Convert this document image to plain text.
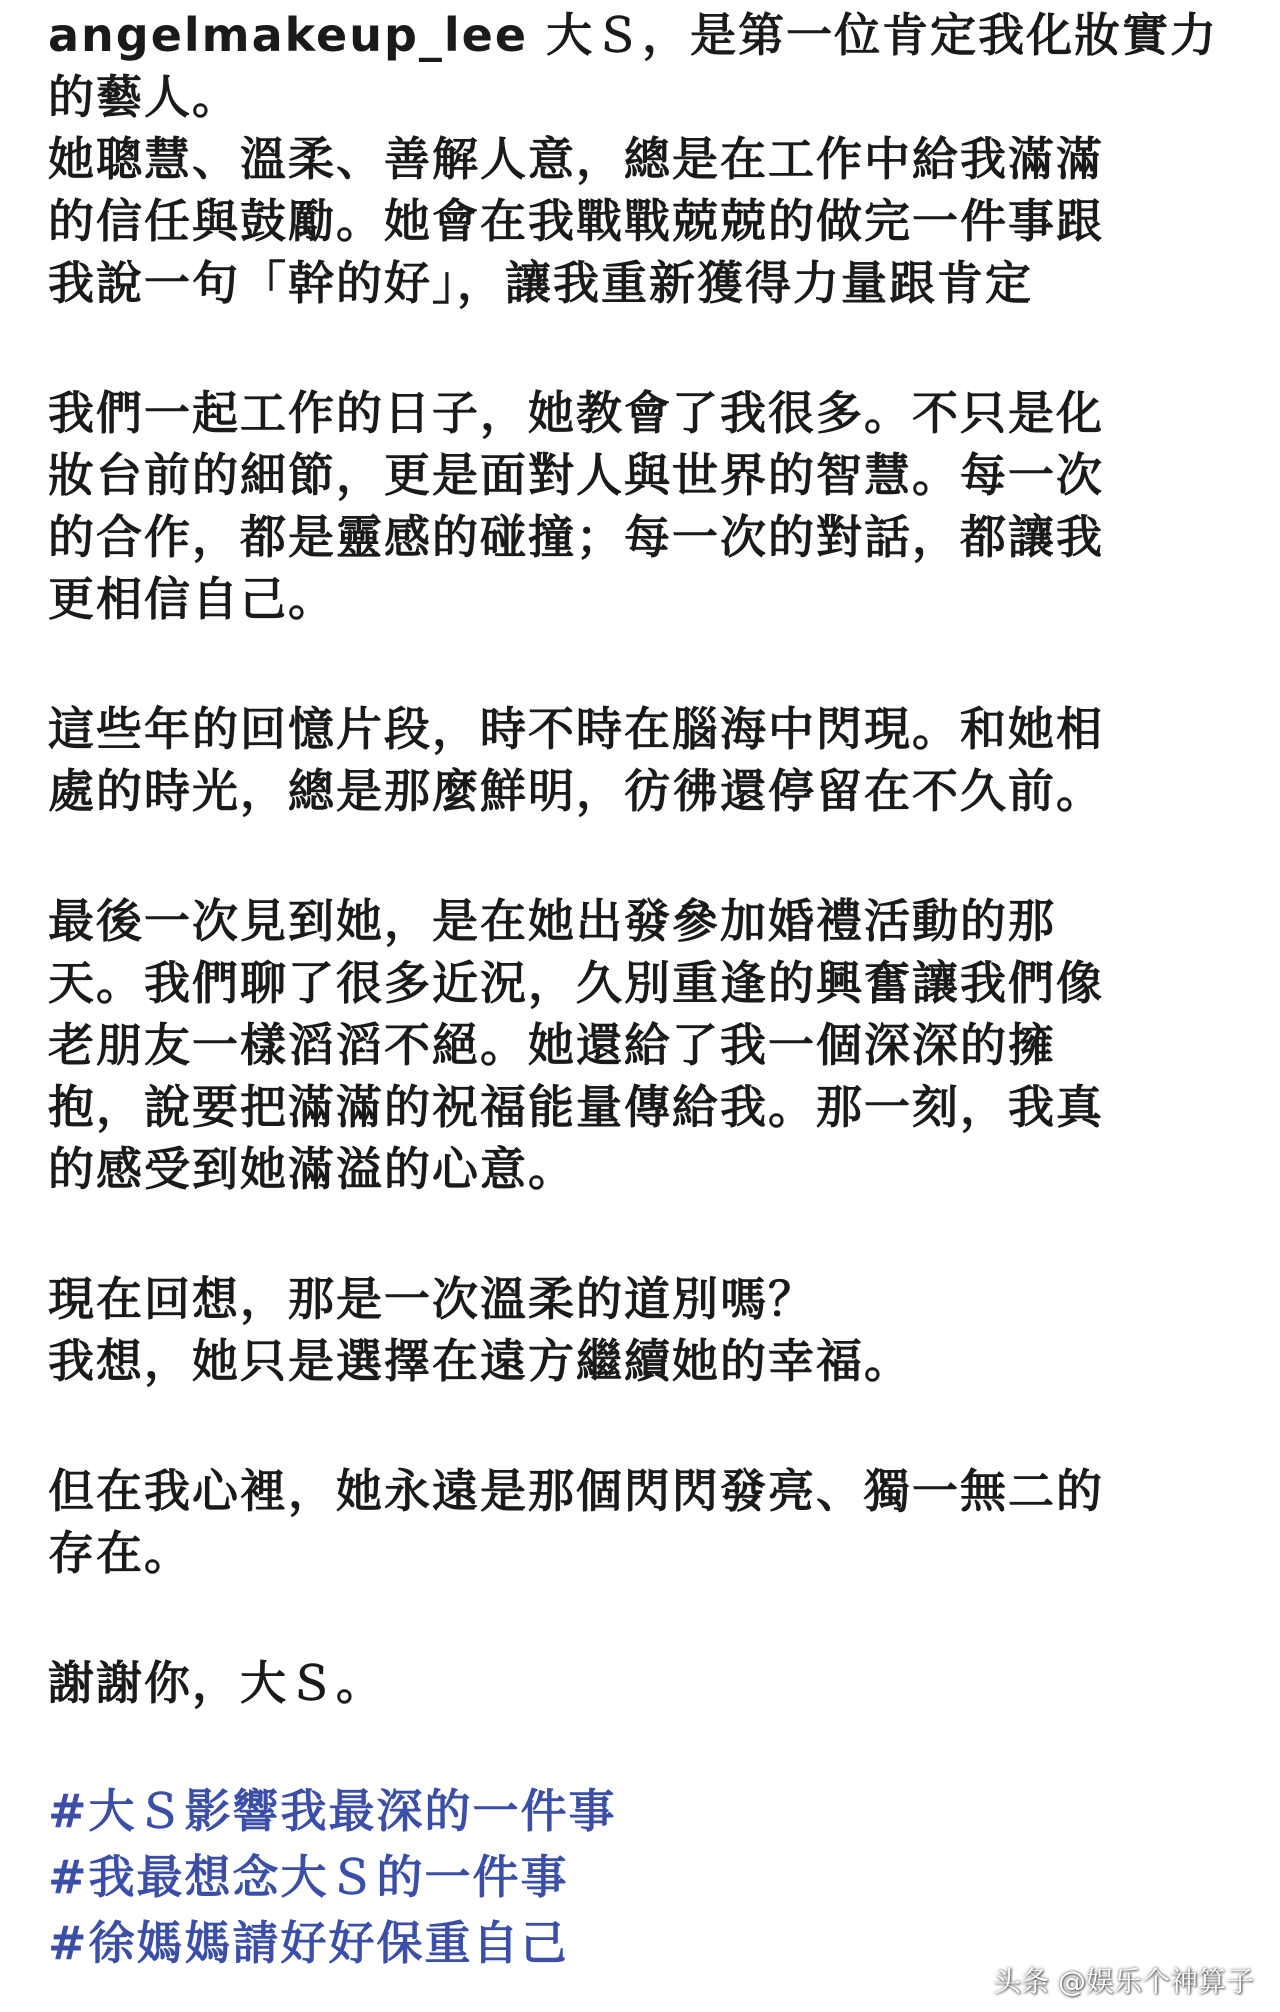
angelmakeup_lee 大Ｓ，是第一位肯定我化妝實力
的藝人。
她聰慧、溫柔、善解人意，總是在工作中給我滿滿
的信任與鼓勵。她會在我戰戰兢兢的做完一件事跟
我說一句「幹的好」，讓我重新獲得力量跟肯定

我們一起工作的日子，她教會了我很多。不只是化
妝台前的細節，更是面對人與世界的智慧。每一次
的合作，都是靈感的碰撞；每一次的對話，都讓我
更相信自己。

這些年的回憶片段，時不時在腦海中閃現。和她相
處的時光，總是那麼鮮明，彷彿還停留在不久前。

最後一次見到她，是在她出發參加婚禮活動的那
天。我們聊了很多近況，久別重逢的興奮讓我們像
老朋友一樣滔滔不絕。她還給了我一個深深的擁
抱，說要把滿滿的祝福能量傳給我。那一刻，我真
的感受到她滿溢的心意。

現在回想，那是一次溫柔的道別嗎？
我想，她只是選擇在遠方繼續她的幸福。

但在我心裡，她永遠是那個閃閃發亮、獨一無二的
存在。

謝謝你，大Ｓ。

#大Ｓ影響我最深的一件事
#我最想念大Ｓ的一件事
#徐媽媽請好好保重自己
头条 @娱乐个神算子
